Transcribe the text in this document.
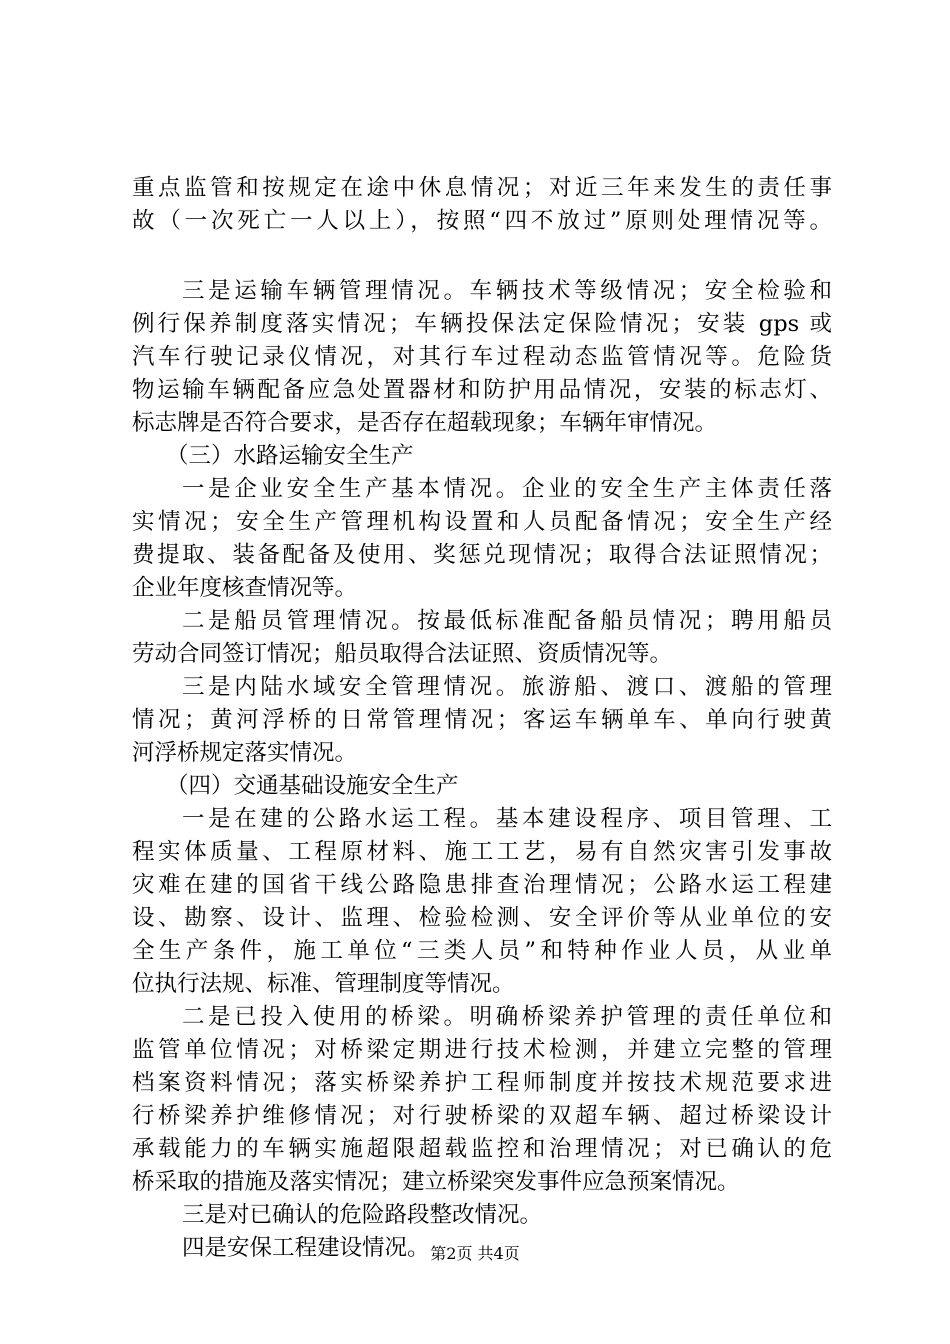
重点监管和按规定在途中休息情况；对近三年来发生的责任事
故（一次死亡一人以上），按照“四不放过”原则处理情况等。
三是运输车辆管理情况。车辆技术等级情况；安全检验和
例行保养制度落实情况；车辆投保法定保险情况；安装 gps 或
汽车行驶记录仪情况，对其行车过程动态监管情况等。危险货
物运输车辆配备应急处置器材和防护用品情况，安装的标志灯、
标志牌是否符合要求，是否存在超载现象；车辆年审情况。
（三）水路运输安全生产
一是企业安全生产基本情况。企业的安全生产主体责任落
实情况；安全生产管理机构设置和人员配备情况；安全生产经
费提取、装备配备及使用、奖惩兑现情况；取得合法证照情况；
企业年度核查情况等。
二是船员管理情况。按最低标准配备船员情况；聘用船员
劳动合同签订情况；船员取得合法证照、资质情况等。
三是内陆水域安全管理情况。旅游船、渡口、渡船的管理
情况；黄河浮桥的日常管理情况；客运车辆单车、单向行驶黄
河浮桥规定落实情况。
（四）交通基础设施安全生产
一是在建的公路水运工程。基本建设程序、项目管理、工
程实体质量、工程原材料、施工工艺，易有自然灾害引发事故
灾难在建的国省干线公路隐患排查治理情况；公路水运工程建
设、勘察、设计、监理、检验检测、安全评价等从业单位的安
全生产条件，施工单位“三类人员”和特种作业人员，从业单
位执行法规、标准、管理制度等情况。
二是已投入使用的桥梁。明确桥梁养护管理的责任单位和
监管单位情况；对桥梁定期进行技术检测，并建立完整的管理
档案资料情况；落实桥梁养护工程师制度并按技术规范要求进
行桥梁养护维修情况；对行驶桥梁的双超车辆、超过桥梁设计
承载能力的车辆实施超限超载监控和治理情况；对已确认的危
桥采取的措施及落实情况；建立桥梁突发事件应急预案情况。
三是对已确认的危险路段整改情况。
四是安保工程建设情况。 第2页 共4页
